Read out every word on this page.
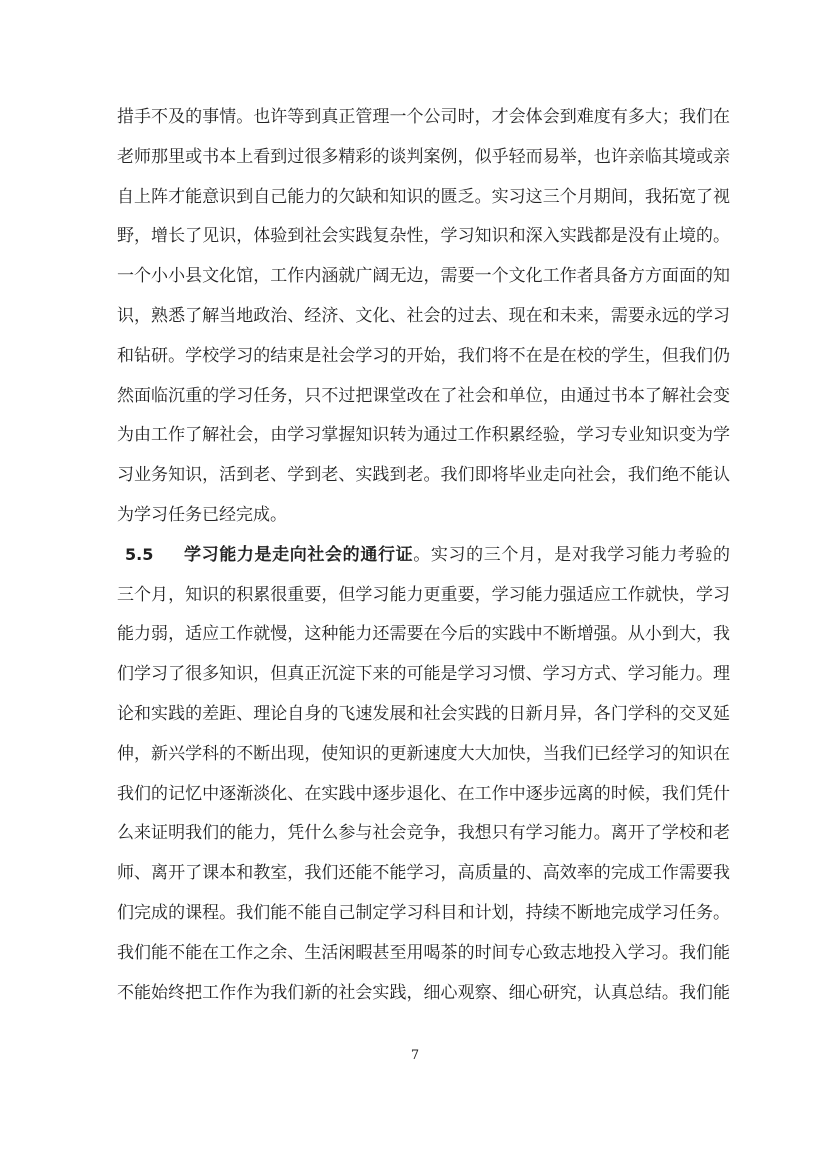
措手不及的事情。也许等到真正管理一个公司时，才会体会到难度有多大；我们在
老师那里或书本上看到过很多精彩的谈判案例，似乎轻而易举，也许亲临其境或亲
自上阵才能意识到自己能力的欠缺和知识的匮乏。实习这三个月期间，我拓宽了视
野，增长了见识，体验到社会实践复杂性，学习知识和深入实践都是没有止境的。
一个小小县文化馆，工作内涵就广阔无边，需要一个文化工作者具备方方面面的知
识，熟悉了解当地政治、经济、文化、社会的过去、现在和未来，需要永远的学习
和钻研。学校学习的结束是社会学习的开始，我们将不在是在校的学生，但我们仍
然面临沉重的学习任务，只不过把课堂改在了社会和单位，由通过书本了解社会变
为由工作了解社会，由学习掌握知识转为通过工作积累经验，学习专业知识变为学
习业务知识，活到老、学到老、实践到老。我们即将毕业走向社会，我们绝不能认
为学习任务已经完成。
5.5 学习能力是走向社会的通行证。实习的三个月，是对我学习能力考验的
三个月，知识的积累很重要，但学习能力更重要，学习能力强适应工作就快，学习
能力弱，适应工作就慢，这种能力还需要在今后的实践中不断增强。从小到大，我
们学习了很多知识，但真正沉淀下来的可能是学习习惯、学习方式、学习能力。理
论和实践的差距、理论自身的飞速发展和社会实践的日新月异，各门学科的交叉延
伸，新兴学科的不断出现，使知识的更新速度大大加快，当我们已经学习的知识在
我们的记忆中逐渐淡化、在实践中逐步退化、在工作中逐步远离的时候，我们凭什
么来证明我们的能力，凭什么参与社会竞争，我想只有学习能力。离开了学校和老
师、离开了课本和教室，我们还能不能学习，高质量的、高效率的完成工作需要我
们完成的课程。我们能不能自己制定学习科目和计划，持续不断地完成学习任务。
我们能不能在工作之余、生活闲暇甚至用喝茶的时间专心致志地投入学习。我们能
不能始终把工作作为我们新的社会实践，细心观察、细心研究，认真总结。我们能
7
